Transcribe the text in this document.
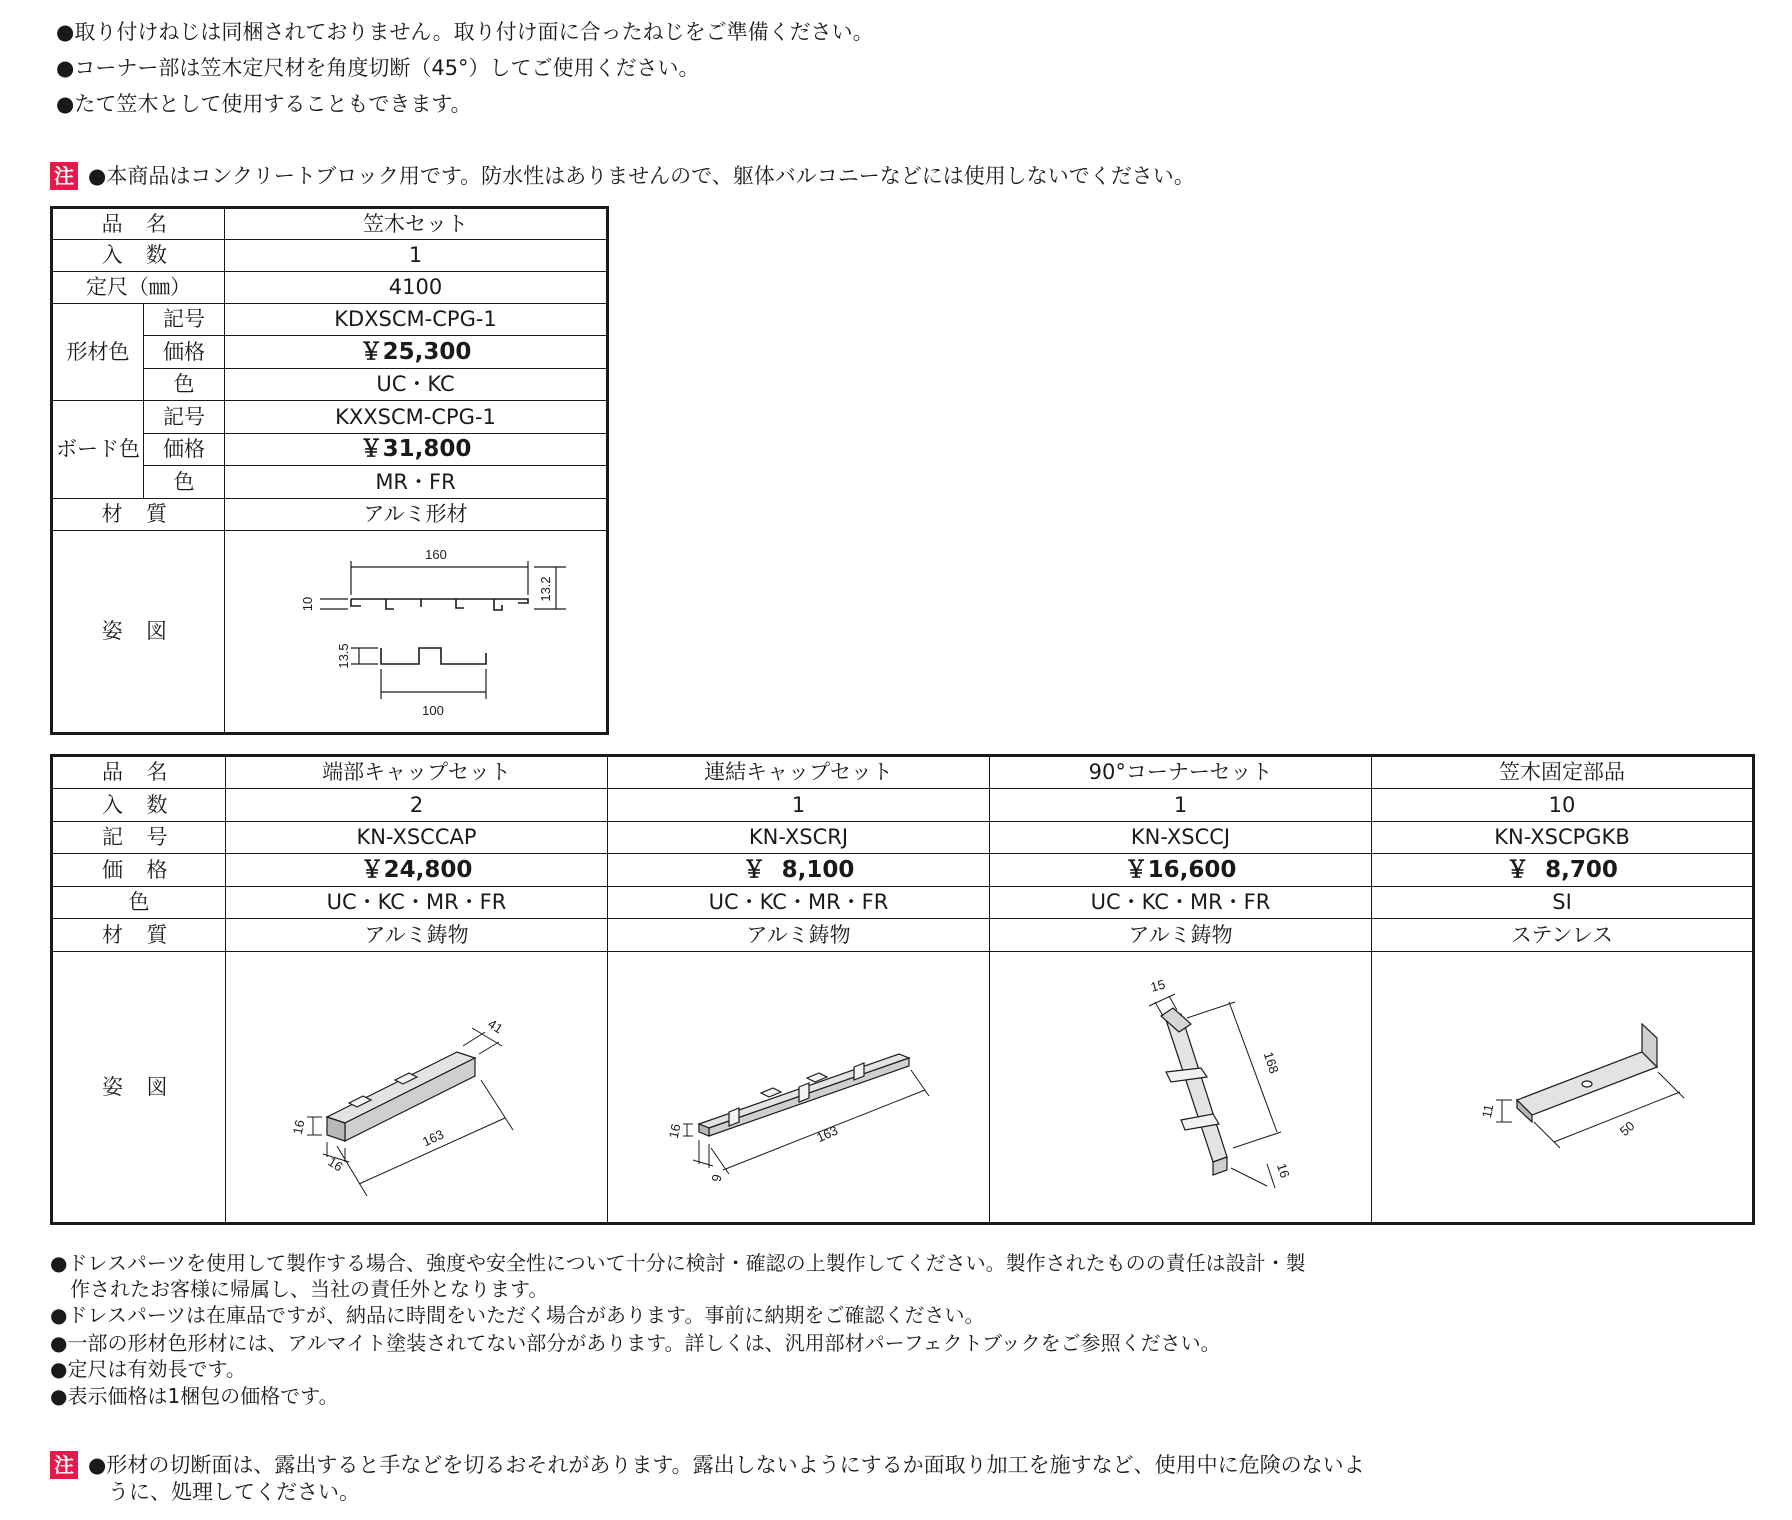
●取り付けねじは同梱されておりません。取り付け面に合ったねじをご準備ください。
●コーナー部は笠木定尺材を角度切断（45°）してご使用ください。
●たて笠木として使用することもできます。
注 ●本商品はコンクリートブロック用です。防水性はありませんので、躯体バルコニーなどには使用しないでください。
品 名		笠木セット
入 数		1
定尺（㎜）		4100
形材色	記号	KDXSCM-CPG-1
	価格	￥25,300
	色	UC・KC
ボード色	記号	KXXSCM-CPG-1
	価格	￥31,800
	色	MR・FR
材 質		アルミ形材
姿 図		160
13.2
10
13.5
100
品 名	端部キャップセット	連結キャップセット	90°コーナーセット	笠木固定部品
入 数	2	1	1	10
記 号	KN-XSCCAP	KN-XSCRJ	KN-XSCCJ	KN-XSCPGKB
価 格	￥24,800	￥  8,100	￥16,600	￥  8,700
色	UC・KC・MR・FR	UC・KC・MR・FR	UC・KC・MR・FR	SI
材 質	アルミ鋳物	アルミ鋳物	アルミ鋳物	ステンレス
姿 図	41
16
16
163	16
9
163	15
168
16	11
50
●ドレスパーツを使用して製作する場合、強度や安全性について十分に検討・確認の上製作してください。製作されたものの責任は設計・製
　作されたお客様に帰属し、当社の責任外となります。
●ドレスパーツは在庫品ですが、納品に時間をいただく場合があります。事前に納期をご確認ください。
●一部の形材色形材には、アルマイト塗装されてない部分があります。詳しくは、汎用部材パーフェクトブックをご参照ください。
●定尺は有効長です。
●表示価格は1梱包の価格です。
注 ●形材の切断面は、露出すると手などを切るおそれがあります。露出しないようにするか面取り加工を施すなど、使用中に危険のないよ
うに、処理してください。
